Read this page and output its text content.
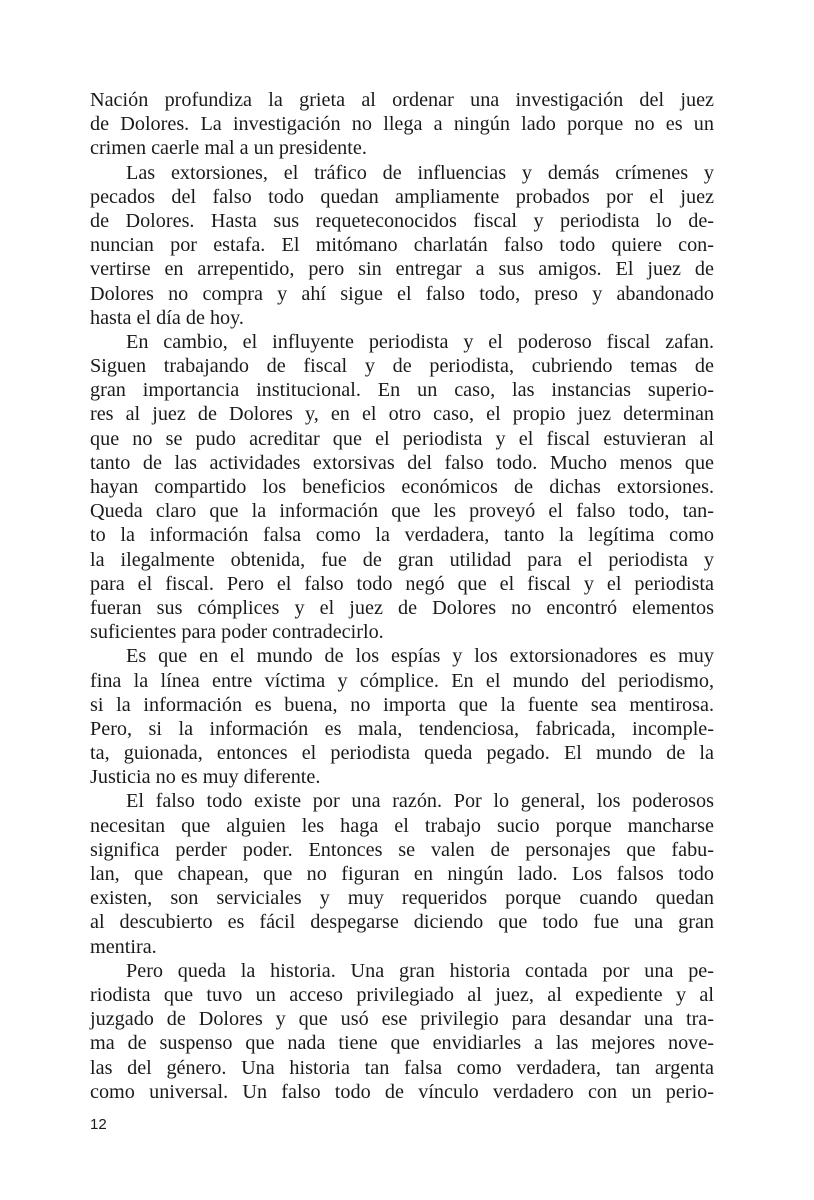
Nación profundiza la grieta al ordenar una investigación del juez
de Dolores. La investigación no llega a ningún lado porque no es un
crimen caerle mal a un presidente.
Las extorsiones, el tráfico de influencias y demás crímenes y
pecados del falso todo quedan ampliamente probados por el juez
de Dolores. Hasta sus requeteconocidos fiscal y periodista lo de-
nuncian por estafa. El mitómano charlatán falso todo quiere con-
vertirse en arrepentido, pero sin entregar a sus amigos. El juez de
Dolores no compra y ahí sigue el falso todo, preso y abandonado
hasta el día de hoy.
En cambio, el influyente periodista y el poderoso fiscal zafan.
Siguen trabajando de fiscal y de periodista, cubriendo temas de
gran importancia institucional. En un caso, las instancias superio-
res al juez de Dolores y, en el otro caso, el propio juez determinan
que no se pudo acreditar que el periodista y el fiscal estuvieran al
tanto de las actividades extorsivas del falso todo. Mucho menos que
hayan compartido los beneficios económicos de dichas extorsiones.
Queda claro que la información que les proveyó el falso todo, tan-
to la información falsa como la verdadera, tanto la legítima como
la ilegalmente obtenida, fue de gran utilidad para el periodista y
para el fiscal. Pero el falso todo negó que el fiscal y el periodista
fueran sus cómplices y el juez de Dolores no encontró elementos
suficientes para poder contradecirlo.
Es que en el mundo de los espías y los extorsionadores es muy
fina la línea entre víctima y cómplice. En el mundo del periodismo,
si la información es buena, no importa que la fuente sea mentirosa.
Pero, si la información es mala, tendenciosa, fabricada, incomple-
ta, guionada, entonces el periodista queda pegado. El mundo de la
Justicia no es muy diferente.
El falso todo existe por una razón. Por lo general, los poderosos
necesitan que alguien les haga el trabajo sucio porque mancharse
significa perder poder. Entonces se valen de personajes que fabu-
lan, que chapean, que no figuran en ningún lado. Los falsos todo
existen, son serviciales y muy requeridos porque cuando quedan
al descubierto es fácil despegarse diciendo que todo fue una gran
mentira.
Pero queda la historia. Una gran historia contada por una pe-
riodista que tuvo un acceso privilegiado al juez, al expediente y al
juzgado de Dolores y que usó ese privilegio para desandar una tra-
ma de suspenso que nada tiene que envidiarles a las mejores nove-
las del género. Una historia tan falsa como verdadera, tan argenta
como universal. Un falso todo de vínculo verdadero con un perio-
12
